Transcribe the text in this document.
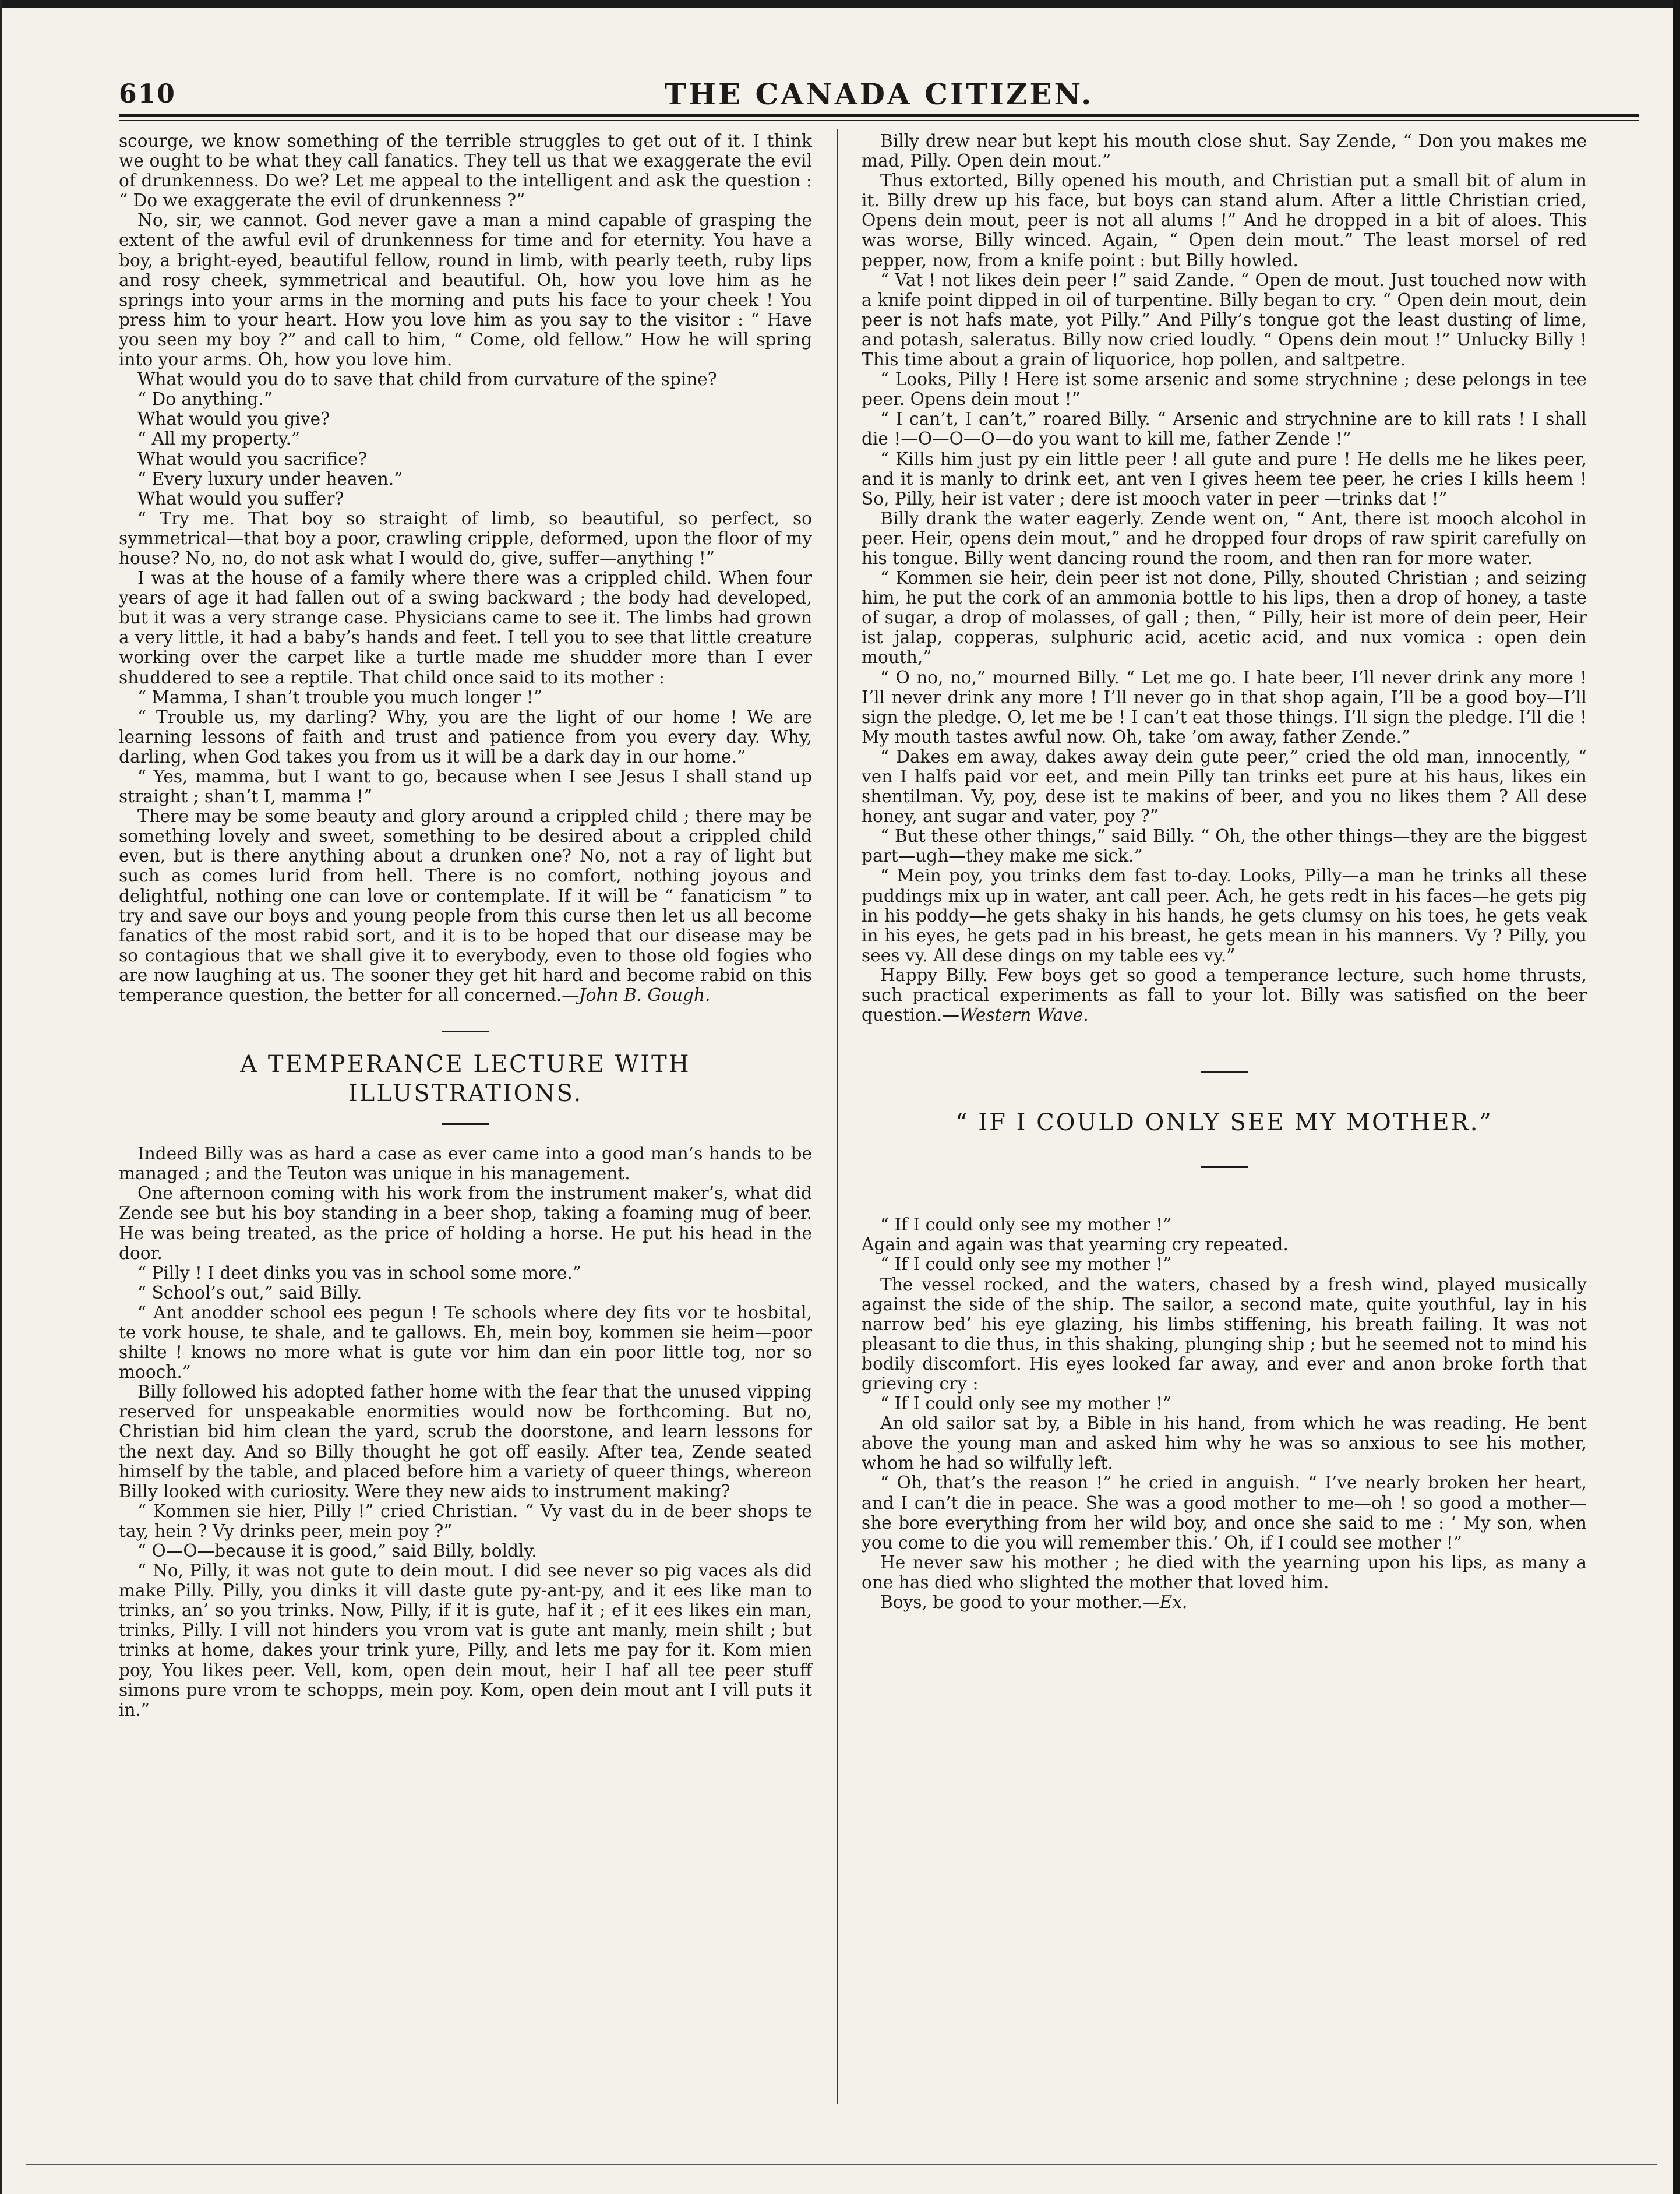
610	THE CANADA CITIZEN.

scourge, we know something of the terrible struggles to get out of it. I think we ought to be what they call fanatics. They tell us that we exaggerate the evil of drunkenness. Do we? Let me appeal to the intelligent and ask the question : “ Do we exaggerate the evil of drunkenness ?”

No, sir, we cannot. God never gave a man a mind capable of grasping the extent of the awful evil of drunkenness for time and for eternity. You have a boy, a bright-eyed, beautiful fellow, round in limb, with pearly teeth, ruby lips and rosy cheek, symmetrical and beautiful. Oh, how you love him as he springs into your arms in the morning and puts his face to your cheek ! You press him to your heart. How you love him as you say to the visitor : “ Have you seen my boy ?” and call to him, “ Come, old fellow.” How he will spring into your arms. Oh, how you love him.

What would you do to save that child from curvature of the spine?

“ Do anything.”

What would you give?

“ All my property.”

What would you sacrifice?

“ Every luxury under heaven.”

What would you suffer?

“ Try me. That boy so straight of limb, so beautiful, so perfect, so symmetrical—that boy a poor, crawling cripple, deformed, upon the floor of my house? No, no, do not ask what I would do, give, suffer—anything !”

I was at the house of a family where there was a crippled child. When four years of age it had fallen out of a swing backward ; the body had developed, but it was a very strange case. Physicians came to see it. The limbs had grown a very little, it had a baby’s hands and feet. I tell you to see that little creature working over the carpet like a turtle made me shudder more than I ever shuddered to see a reptile. That child once said to its mother :

“ Mamma, I shan’t trouble you much longer !”

“ Trouble us, my darling? Why, you are the light of our home ! We are learning lessons of faith and trust and patience from you every day. Why, darling, when God takes you from us it will be a dark day in our home.”

“ Yes, mamma, but I want to go, because when I see Jesus I shall stand up straight ; shan’t I, mamma !”

There may be some beauty and glory around a crippled child ; there may be something lovely and sweet, something to be desired about a crippled child even, but is there anything about a drunken one? No, not a ray of light but such as comes lurid from hell. There is no comfort, nothing joyous and delightful, nothing one can love or contemplate. If it will be “ fanaticism ” to try and save our boys and young people from this curse then let us all become fanatics of the most rabid sort, and it is to be hoped that our disease may be so contagious that we shall give it to everybody, even to those old fogies who are now laughing at us. The sooner they get hit hard and become rabid on this temperance question, the better for all concerned.—John B. Gough.

A TEMPERANCE LECTURE WITH ILLUSTRATIONS.

Indeed Billy was as hard a case as ever came into a good man’s hands to be managed ; and the Teuton was unique in his management.

One afternoon coming with his work from the instrument maker’s, what did Zende see but his boy standing in a beer shop, taking a foaming mug of beer. He was being treated, as the price of holding a horse. He put his head in the door.

“ Pilly ! I deet dinks you vas in school some more.”

“ School’s out,” said Billy.

“ Ant anodder school ees pegun ! Te schools where dey fits vor te hosbital, te vork house, te shale, and te gallows. Eh, mein boy, kommen sie heim—poor shilte ! knows no more what is gute vor him dan ein poor little tog, nor so mooch.”

Billy followed his adopted father home with the fear that the unused vipping reserved for unspeakable enormities would now be forthcoming. But no, Christian bid him clean the yard, scrub the doorstone, and learn lessons for the next day. And so Billy thought he got off easily. After tea, Zende seated himself by the table, and placed before him a variety of queer things, whereon Billy looked with curiosity. Were they new aids to instrument making?

“ Kommen sie hier, Pilly !” cried Christian. “ Vy vast du in de beer shops te tay, hein ? Vy drinks peer, mein poy ?”

“ O—O—because it is good,” said Billy, boldly.

“ No, Pilly, it was not gute to dein mout. I did see never so pig vaces als did make Pilly. Pilly, you dinks it vill daste gute py-ant-py, and it ees like man to trinks, an’ so you trinks. Now, Pilly, if it is gute, haf it ; ef it ees likes ein man, trinks, Pilly. I vill not hinders you vrom vat is gute ant manly, mein shilt ; but trinks at home, dakes your trink yure, Pilly, and lets me pay for it. Kom mien poy, You likes peer. Vell, kom, open dein mout, heir I haf all tee peer stuff simons pure vrom te schopps, mein poy. Kom, open dein mout ant I vill puts it in.”

Billy drew near but kept his mouth close shut. Say Zende, “ Don you makes me mad, Pilly. Open dein mout.”

Thus extorted, Billy opened his mouth, and Christian put a small bit of alum in it. Billy drew up his face, but boys can stand alum. After a little Christian cried, Opens dein mout, peer is not all alums !” And he dropped in a bit of aloes. This was worse, Billy winced. Again, “ Open dein mout.” The least morsel of red pepper, now, from a knife point : but Billy howled.

“ Vat ! not likes dein peer !” said Zande. “ Open de mout. Just touched now with a knife point dipped in oil of turpentine. Billy began to cry. “ Open dein mout, dein peer is not hafs mate, yot Pilly.” And Pilly’s tongue got the least dusting of lime, and potash, saleratus. Billy now cried loudly. “ Opens dein mout !” Unlucky Billy ! This time about a grain of liquorice, hop pollen, and saltpetre.

“ Looks, Pilly ! Here ist some arsenic and some strychnine ; dese pelongs in tee peer. Opens dein mout !”

“ I can’t, I can’t,” roared Billy. “ Arsenic and strychnine are to kill rats ! I shall die !—O—O—O—do you want to kill me, father Zende !”

“ Kills him just py ein little peer ! all gute and pure ! He dells me he likes peer, and it is manly to drink eet, ant ven I gives heem tee peer, he cries I kills heem ! So, Pilly, heir ist vater ; dere ist mooch vater in peer —trinks dat !”

Billy drank the water eagerly. Zende went on, “ Ant, there ist mooch alcohol in peer. Heir, opens dein mout,” and he dropped four drops of raw spirit carefully on his tongue. Billy went dancing round the room, and then ran for more water.

“ Kommen sie heir, dein peer ist not done, Pilly, shouted Christian ; and seizing him, he put the cork of an ammonia bottle to his lips, then a drop of honey, a taste of sugar, a drop of molasses, of gall ; then, “ Pilly, heir ist more of dein peer, Heir ist jalap, copperas, sulphuric acid, acetic acid, and nux vomica : open dein mouth,”

“ O no, no,” mourned Billy. “ Let me go. I hate beer, I’ll never drink any more ! I’ll never drink any more ! I’ll never go in that shop again, I’ll be a good boy—I’ll sign the pledge. O, let me be ! I can’t eat those things. I’ll sign the pledge. I’ll die ! My mouth tastes awful now. Oh, take ’om away, father Zende.”

“ Dakes em away, dakes away dein gute peer,” cried the old man, innocently, “ ven I halfs paid vor eet, and mein Pilly tan trinks eet pure at his haus, likes ein shentilman. Vy, poy, dese ist te makins of beer, and you no likes them ? All dese honey, ant sugar and vater, poy ?”

“ But these other things,” said Billy. “ Oh, the other things—they are the biggest part—ugh—they make me sick.”

“ Mein poy, you trinks dem fast to-day. Looks, Pilly—a man he trinks all these puddings mix up in water, ant call peer. Ach, he gets redt in his faces—he gets pig in his poddy—he gets shaky in his hands, he gets clumsy on his toes, he gets veak in his eyes, he gets pad in his breast, he gets mean in his manners. Vy ? Pilly, you sees vy. All dese dings on my table ees vy.”

Happy Billy. Few boys get so good a temperance lecture, such home thrusts, such practical experiments as fall to your lot. Billy was satisfied on the beer question.—Western Wave.

“ IF I COULD ONLY SEE MY MOTHER.”

“ If I could only see my mother !”

Again and again was that yearning cry repeated.

“ If I could only see my mother !”

The vessel rocked, and the waters, chased by a fresh wind, played musically against the side of the ship. The sailor, a second mate, quite youthful, lay in his narrow bed’ his eye glazing, his limbs stiffening, his breath failing. It was not pleasant to die thus, in this shaking, plunging ship ; but he seemed not to mind his bodily discomfort. His eyes looked far away, and ever and anon broke forth that grieving cry :

“ If I could only see my mother !”

An old sailor sat by, a Bible in his hand, from which he was reading. He bent above the young man and asked him why he was so anxious to see his mother, whom he had so wilfully left.

“ Oh, that’s the reason !” he cried in anguish. “ I’ve nearly broken her heart, and I can’t die in peace. She was a good mother to me—oh ! so good a mother—she bore everything from her wild boy, and once she said to me : ‘ My son, when you come to die you will remember this.’ Oh, if I could see mother !”

He never saw his mother ; he died with the yearning upon his lips, as many a one has died who slighted the mother that loved him.

Boys, be good to your mother.—Ex.
